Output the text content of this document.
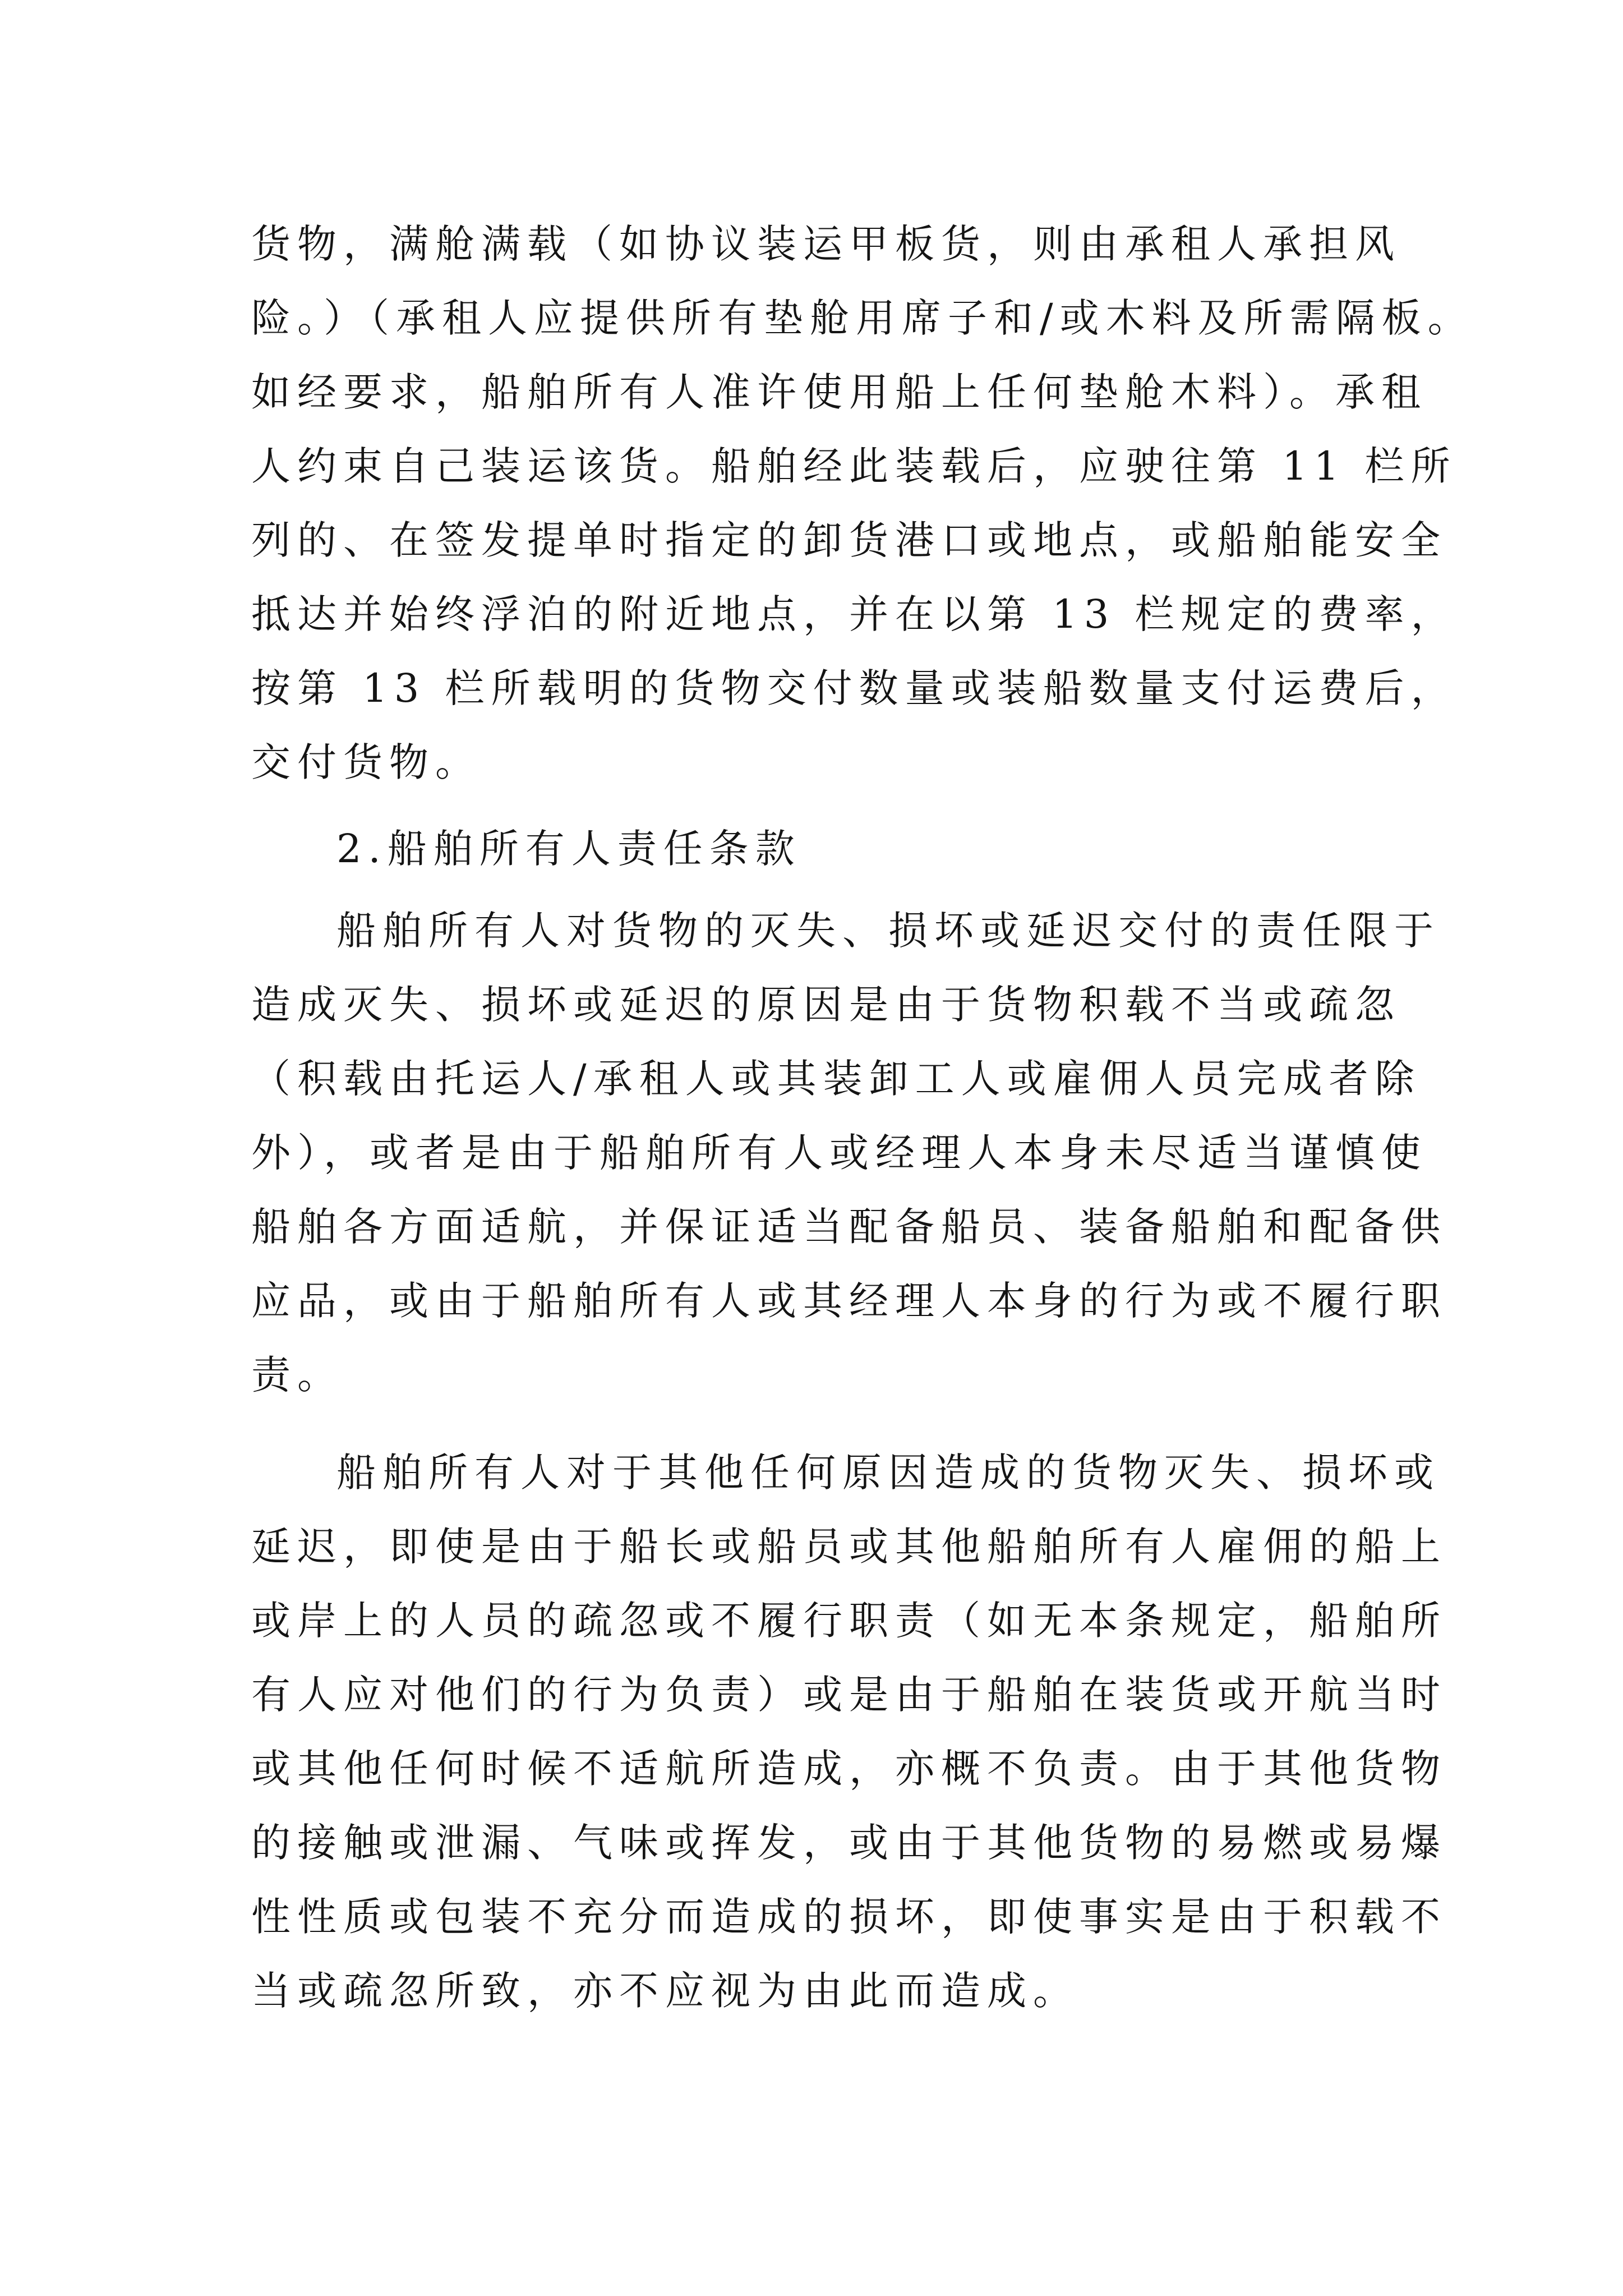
货物，满舱满载（如协议装运甲板货，则由承租人承担风

险。）（承租人应提供所有垫舱用席子和/或木料及所需隔板。

如经要求，船舶所有人准许使用船上任何垫舱木料）。承租

人约束自己装运该货。船舶经此装载后，应驶往第 11 栏所

列的、在签发提单时指定的卸货港口或地点，或船舶能安全

抵达并始终浮泊的附近地点，并在以第 13 栏规定的费率，

按第 13 栏所载明的货物交付数量或装船数量支付运费后，

交付货物。

2.船舶所有人责任条款

船舶所有人对货物的灭失、损坏或延迟交付的责任限于

造成灭失、损坏或延迟的原因是由于货物积载不当或疏忽

（积载由托运人/承租人或其装卸工人或雇佣人员完成者除

外），或者是由于船舶所有人或经理人本身未尽适当谨慎使

船舶各方面适航，并保证适当配备船员、装备船舶和配备供

应品，或由于船舶所有人或其经理人本身的行为或不履行职

责。

船舶所有人对于其他任何原因造成的货物灭失、损坏或

延迟，即使是由于船长或船员或其他船舶所有人雇佣的船上

或岸上的人员的疏忽或不履行职责（如无本条规定，船舶所

有人应对他们的行为负责）或是由于船舶在装货或开航当时

或其他任何时候不适航所造成，亦概不负责。由于其他货物

的接触或泄漏、气味或挥发，或由于其他货物的易燃或易爆

性性质或包装不充分而造成的损坏，即使事实是由于积载不

当或疏忽所致，亦不应视为由此而造成。
